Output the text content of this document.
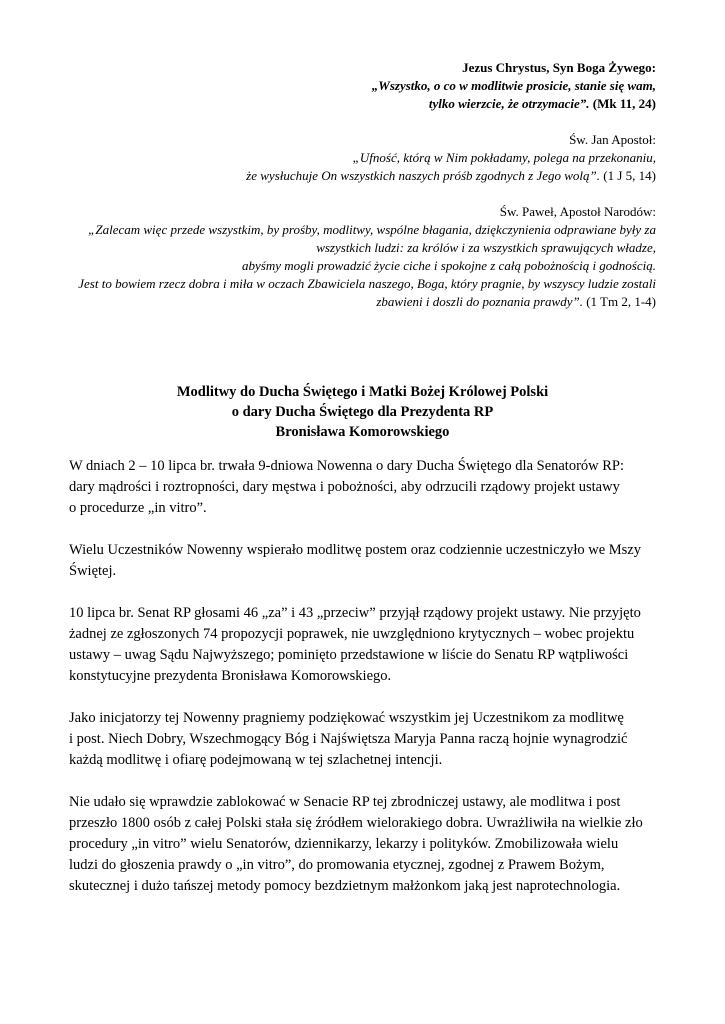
Jezus Chrystus, Syn Boga Żywego:
„Wszystko, o co w modlitwie prosicie, stanie się wam,
tylko wierzcie, że otrzymacie”. (Mk 11, 24)
Św. Jan Apostoł:
„Ufność, którą w Nim pokładamy, polega na przekonaniu,
że wysłuchuje On wszystkich naszych próśb zgodnych z Jego wolą”. (1 J 5, 14)
Św. Paweł, Apostoł Narodów:
„Zalecam więc przede wszystkim, by prośby, modlitwy, wspólne błagania, dziękczynienia odprawiane były za
wszystkich ludzi: za królów i za wszystkich sprawujących władze,
abyśmy mogli prowadzić życie ciche i spokojne z całą pobożnością i godnością.
Jest to bowiem rzecz dobra i miła w oczach Zbawiciela naszego, Boga, który pragnie, by wszyscy ludzie zostali
zbawieni i doszli do poznania prawdy”. (1 Tm 2, 1-4)
Modlitwy do Ducha Świętego i Matki Bożej Królowej Polski
o dary Ducha Świętego dla Prezydenta RP
Bronisława Komorowskiego
W dniach 2 – 10 lipca br. trwała 9-dniowa Nowenna o dary Ducha Świętego dla Senatorów RP:
dary mądrości i roztropności, dary męstwa i pobożności, aby odrzucili rządowy projekt ustawy
o procedurze „in vitro”.
Wielu Uczestników Nowenny wspierało modlitwę postem oraz codziennie uczestniczyło we Mszy
Świętej.
10 lipca br. Senat RP głosami 46 „za” i 43 „przeciw” przyjął rządowy projekt ustawy. Nie przyjęto
żadnej ze zgłoszonych 74 propozycji poprawek, nie uwzględniono krytycznych – wobec projektu
ustawy – uwag Sądu Najwyższego; pominięto przedstawione w liście do Senatu RP wątpliwości
konstytucyjne prezydenta Bronisława Komorowskiego.
Jako inicjatorzy tej Nowenny pragniemy podziękować wszystkim jej Uczestnikom za modlitwę
i post. Niech Dobry, Wszechmogący Bóg i Najświętsza Maryja Panna raczą hojnie wynagrodzić
każdą modlitwę i ofiarę podejmowaną w tej szlachetnej intencji.
Nie udało się wprawdzie zablokować w Senacie RP tej zbrodniczej ustawy, ale modlitwa i post
przeszło 1800 osób z całej Polski stała się źródłem wielorakiego dobra. Uwrażliwiła na wielkie zło
procedury „in vitro” wielu Senatorów, dziennikarzy, lekarzy i polityków. Zmobilizowała wielu
ludzi do głoszenia prawdy o „in vitro”, do promowania etycznej, zgodnej z Prawem Bożym,
skutecznej i dużo tańszej metody pomocy bezdzietnym małżonkom jaką jest naprotechnologia.
